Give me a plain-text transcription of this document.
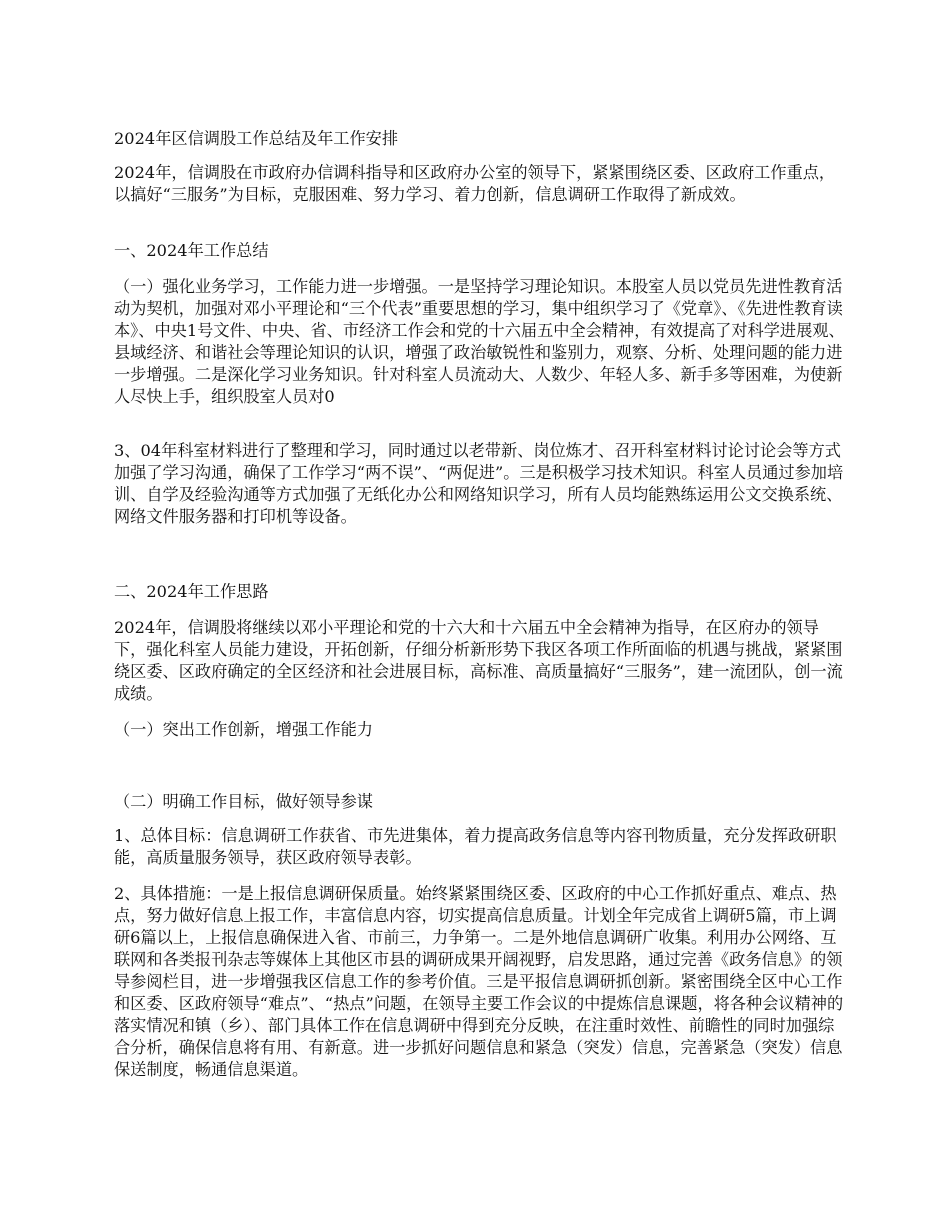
2024年区信调股工作总结及年工作安排

2024年，信调股在市政府办信调科指导和区政府办公室的领导下，紧紧围绕区委、区政府工作重点，以搞好“三服务”为目标，克服困难、努力学习、着力创新，信息调研工作取得了新成效。

一、2024年工作总结

（一）强化业务学习，工作能力进一步增强。一是坚持学习理论知识。本股室人员以党员先进性教育活动为契机，加强对邓小平理论和“三个代表”重要思想的学习，集中组织学习了《党章》、《先进性教育读本》、中央1号文件、中央、省、市经济工作会和党的十六届五中全会精神，有效提高了对科学进展观、县域经济、和谐社会等理论知识的认识，增强了政治敏锐性和鉴别力，观察、分析、处理问题的能力进一步增强。二是深化学习业务知识。针对科室人员流动大、人数少、年轻人多、新手多等困难，为使新人尽快上手，组织股室人员对0

3、04年科室材料进行了整理和学习，同时通过以老带新、岗位炼才、召开科室材料讨论讨论会等方式加强了学习沟通，确保了工作学习“两不误”、“两促进”。三是积极学习技术知识。科室人员通过参加培训、自学及经验沟通等方式加强了无纸化办公和网络知识学习，所有人员均能熟练运用公文交换系统、网络文件服务器和打印机等设备。

二、2024年工作思路

2024年，信调股将继续以邓小平理论和党的十六大和十六届五中全会精神为指导，在区府办的领导下，强化科室人员能力建设，开拓创新，仔细分析新形势下我区各项工作所面临的机遇与挑战，紧紧围绕区委、区政府确定的全区经济和社会进展目标，高标准、高质量搞好“三服务”，建一流团队，创一流成绩。

（一）突出工作创新，增强工作能力

（二）明确工作目标，做好领导参谋

1、总体目标：信息调研工作获省、市先进集体，着力提高政务信息等内容刊物质量，充分发挥政研职能，高质量服务领导，获区政府领导表彰。

2、具体措施：一是上报信息调研保质量。始终紧紧围绕区委、区政府的中心工作抓好重点、难点、热点，努力做好信息上报工作，丰富信息内容，切实提高信息质量。计划全年完成省上调研5篇，市上调研6篇以上，上报信息确保进入省、市前三，力争第一。二是外地信息调研广收集。利用办公网络、互联网和各类报刊杂志等媒体上其他区市县的调研成果开阔视野，启发思路，通过完善《政务信息》的领导参阅栏目，进一步增强我区信息工作的参考价值。三是平报信息调研抓创新。紧密围绕全区中心工作和区委、区政府领导“难点”、“热点”问题，在领导主要工作会议的中提炼信息课题，将各种会议精神的落实情况和镇（乡）、部门具体工作在信息调研中得到充分反映，在注重时效性、前瞻性的同时加强综合分析，确保信息将有用、有新意。进一步抓好问题信息和紧急（突发）信息，完善紧急（突发）信息保送制度，畅通信息渠道。
